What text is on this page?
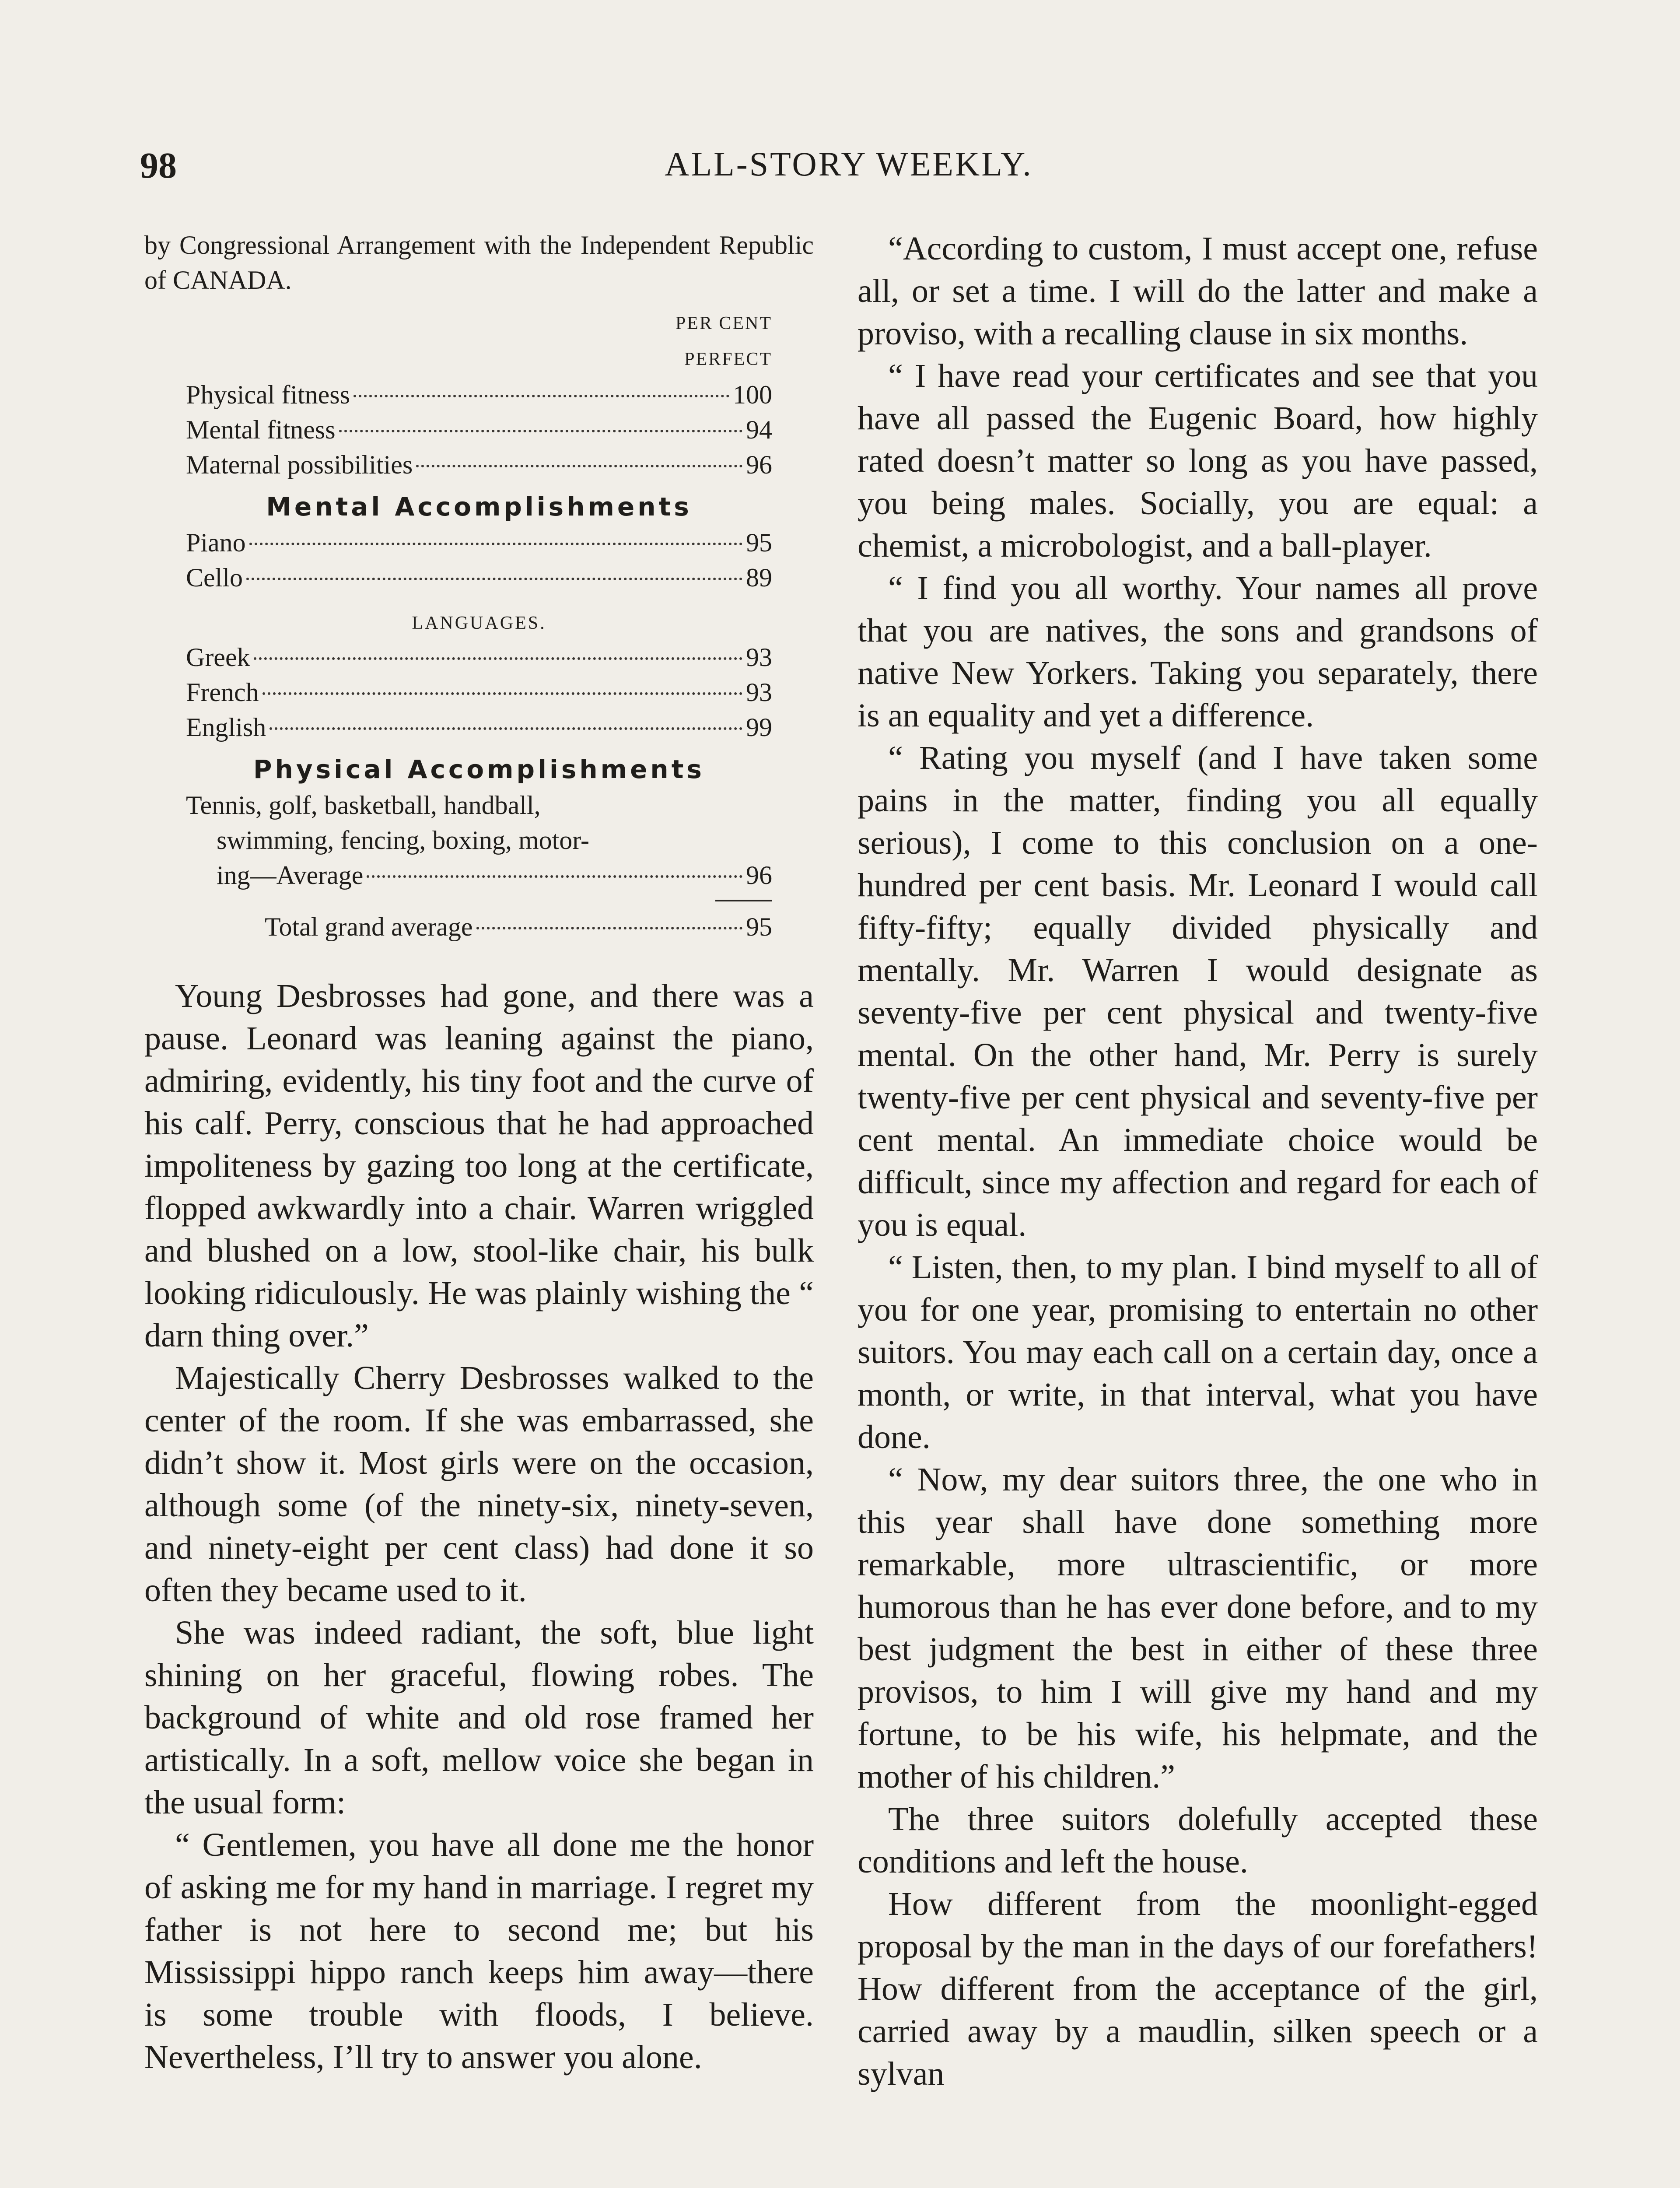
98	ALL-STORY WEEKLY.
by Congressional Arrangement with the Independent Republic of CANADA.
PER CENT
PERFECT
Physical fitness	100
Mental fitness	94
Maternal possibilities	96
Mental Accomplishments
Piano	95
Cello	89
LANGUAGES.
Greek	93
French	93
English	99
Physical Accomplishments
Tennis, golf, basketball, handball,
swimming, fencing, boxing, motor-
ing—Average	96
Total grand average	95

Young Desbrosses had gone, and there was a pause. Leonard was leaning against the piano, admiring, evidently, his tiny foot and the curve of his calf. Perry, conscious that he had approached impoliteness by gazing too long at the certificate, flopped awkwardly into a chair. Warren wriggled and blushed on a low, stool-like chair, his bulk looking ridiculously. He was plainly wishing the “ darn thing over.”

Majestically Cherry Desbrosses walked to the center of the room. If she was embarrassed, she didn’t show it. Most girls were on the occasion, although some (of the ninety-six, ninety-seven, and ninety-eight per cent class) had done it so often they became used to it.

She was indeed radiant, the soft, blue light shining on her graceful, flowing robes. The background of white and old rose framed her artistically. In a soft, mellow voice she began in the usual form:

“ Gentlemen, you have all done me the honor of asking me for my hand in marriage. I regret my father is not here to second me; but his Mississippi hippo ranch keeps him away—there is some trouble with floods, I believe. Nevertheless, I’ll try to answer you alone.

“According to custom, I must accept one, refuse all, or set a time. I will do the latter and make a proviso, with a recalling clause in six months.

“ I have read your certificates and see that you have all passed the Eugenic Board, how highly rated doesn’t matter so long as you have passed, you being males. Socially, you are equal: a chemist, a microbologist, and a ball-player.

“ I find you all worthy. Your names all prove that you are natives, the sons and grandsons of native New Yorkers. Taking you separately, there is an equality and yet a difference.

“ Rating you myself (and I have taken some pains in the matter, finding you all equally serious), I come to this conclusion on a one-hundred per cent basis. Mr. Leonard I would call fifty-fifty; equally divided physically and mentally. Mr. Warren I would designate as seventy-five per cent physical and twenty-five mental. On the other hand, Mr. Perry is surely twenty-five per cent physical and seventy-five per cent mental. An immediate choice would be difficult, since my affection and regard for each of you is equal.

“ Listen, then, to my plan. I bind myself to all of you for one year, promising to entertain no other suitors. You may each call on a certain day, once a month, or write, in that interval, what you have done.

“ Now, my dear suitors three, the one who in this year shall have done something more remarkable, more ultrascientific, or more humorous than he has ever done before, and to my best judgment the best in either of these three provisos, to him I will give my hand and my fortune, to be his wife, his helpmate, and the mother of his children.”

The three suitors dolefully accepted these conditions and left the house.

How different from the moonlight-egged proposal by the man in the days of our forefathers! How different from the acceptance of the girl, carried away by a maudlin, silken speech or a sylvan
